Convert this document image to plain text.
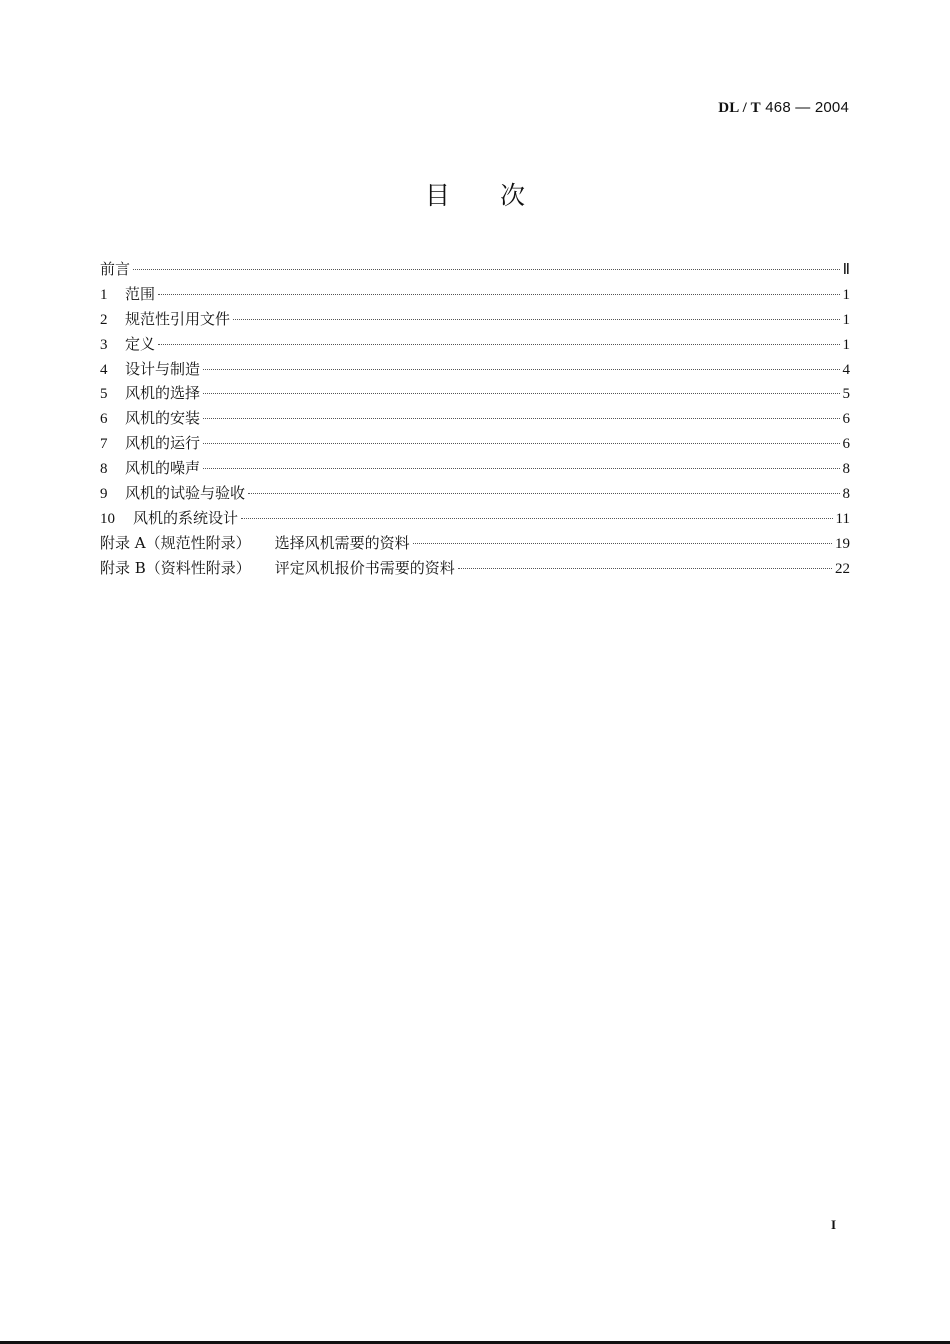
DL / T 468 — 2004
目 次
前言	Ⅱ
1	范围	1
2	规范性引用文件	1
3	定义	1
4	设计与制造	4
5	风机的选择	5
6	风机的安装	6
7	风机的运行	6
8	风机的噪声	8
9	风机的试验与验收	8
10	风机的系统设计	11
附录 A（规范性附录） 选择风机需要的资料	19
附录 B（资料性附录） 评定风机报价书需要的资料	22
I
